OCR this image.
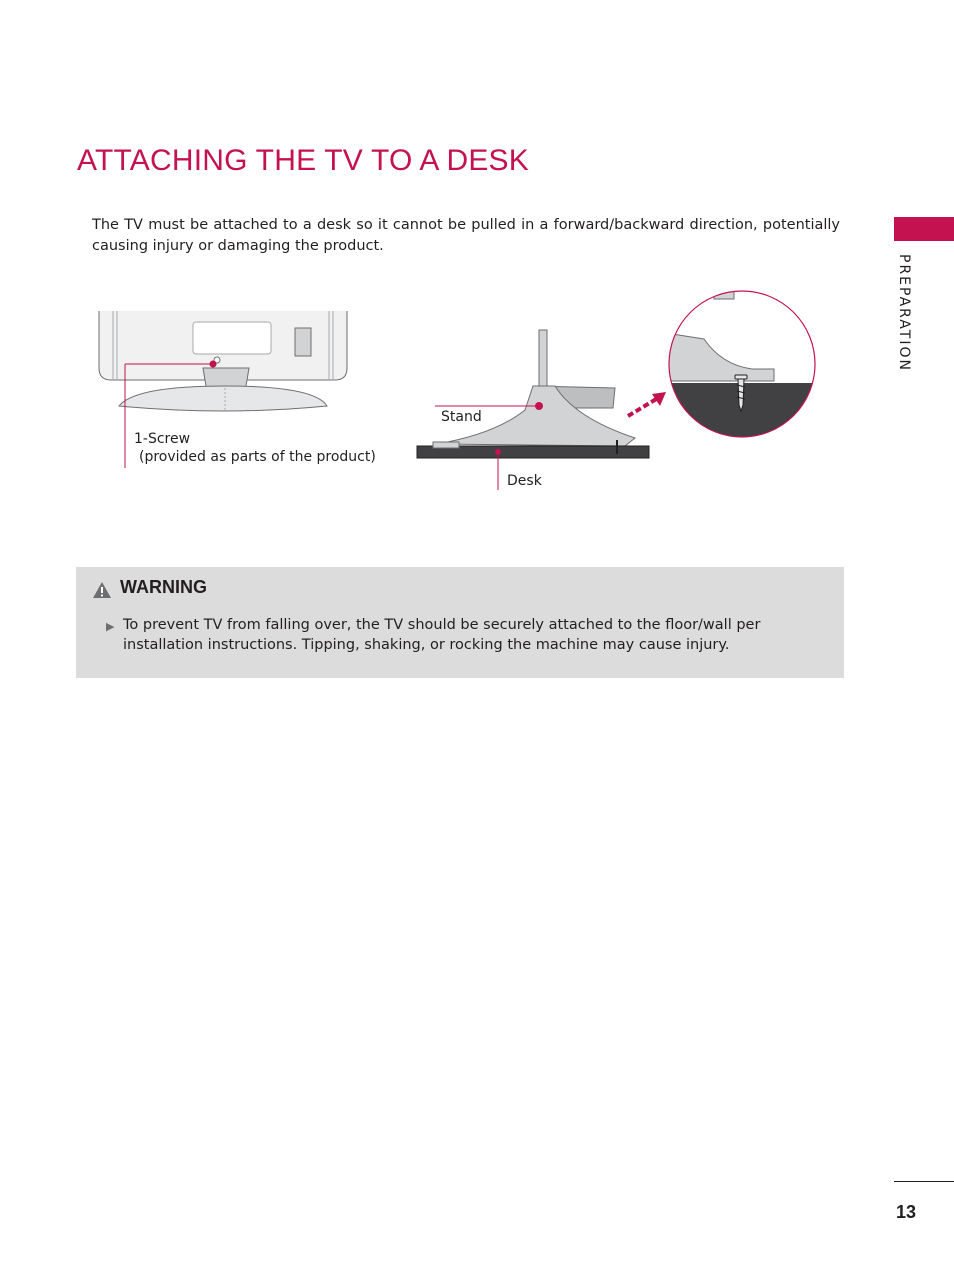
ATTACHING THE TV TO A DESK
The TV must be attached to a desk so it cannot be pulled in a forward/backward direction, potentially causing injury or damaging the product.
PREPARATION
1-Screw
(provided as parts of the product)
Stand
Desk
WARNING
▶ To prevent TV from falling over, the TV should be securely attached to the floor/wall per installation instructions. Tipping, shaking, or rocking the machine may cause injury.
13
